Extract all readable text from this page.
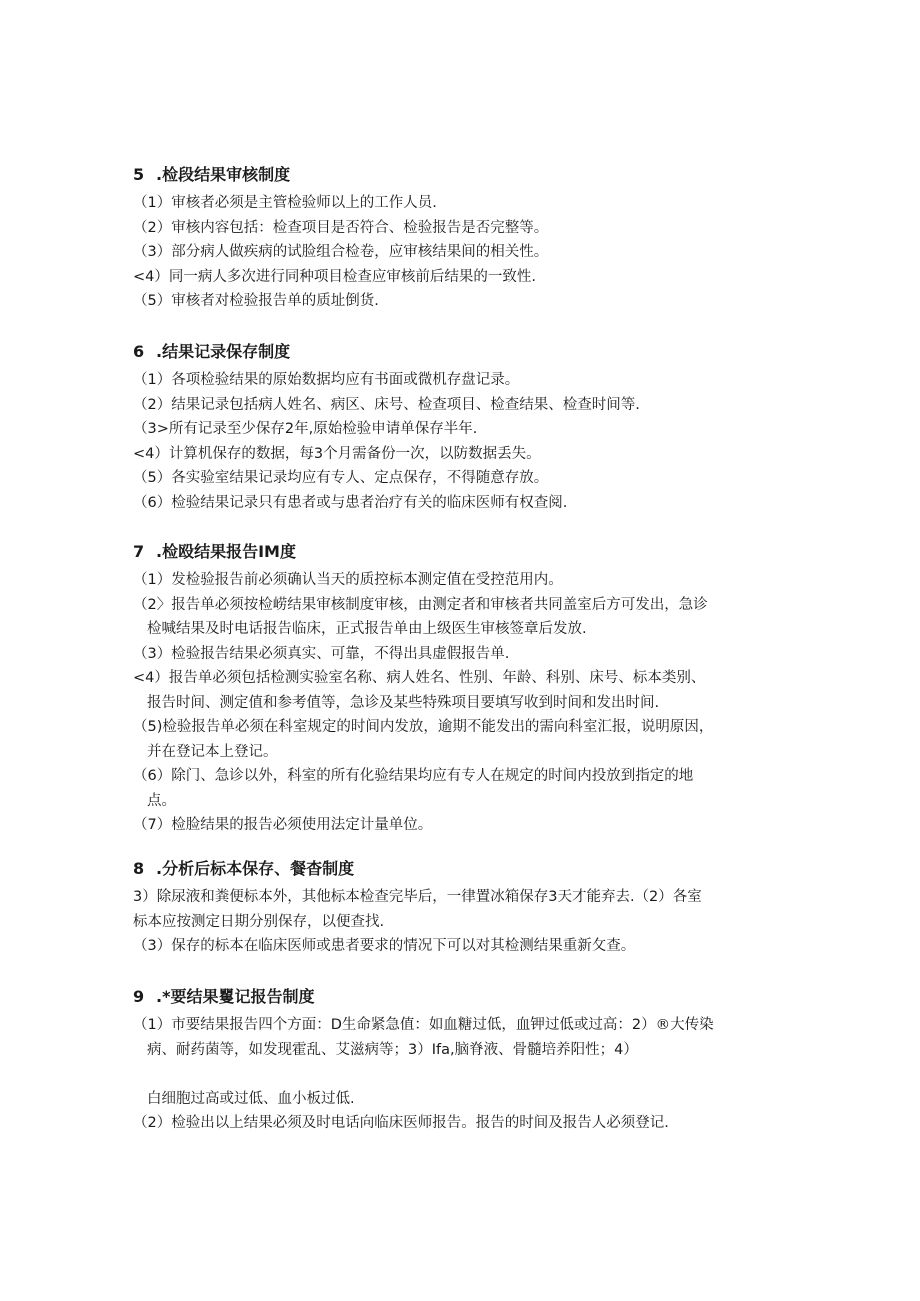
5 .检段结果审核制度
（1）审核者必须是主管检验师以上的工作人员.
（2）审核内容包括：检查项目是否符合、检验报告是否完整等。
（3）部分病人做疾病的试脸组合检卷，应审核结果间的相关性。
<4）同一病人多次进行同种项目检查应审核前后结果的一致性.
（5）审核者对检验报告单的质址倒货.
6 .结果记录保存制度
（1）各项检验结果的原始数据均应有书面或微机存盘记录。
（2）结果记录包括病人姓名、病区、床号、检查项目、检查结果、检查时间等.
（3>所有记录至少保存2年,原始检验申请单保存半年.
<4）计算机保存的数据，每3个月需备份一次，以防数据丢失。
（5）各实验室结果记录均应有专人、定点保存，不得随意存放。
（6）检验结果记录只有患者或与患者治疗有关的临床医师有权查阅.
7 .检殴结果报告IM度
（1）发检验报告前必须确认当天的质控标本测定值在受控范用内。
（2〉报告单必须按检崂结果审核制度审核，由测定者和审核者共同盖室后方可发出，急诊
检喊结果及时电话报告临床，正式报告单由上级医生审核签章后发放.
（3）检验报告结果必须真实、可靠，不得出具虚假报告单.
<4）报告单必须包括检测实验室名称、病人姓名、性别、年龄、科别、床号、标本类别、
报告时间、测定值和参考值等，急诊及某些特殊项目要填写收到时间和发出时间.
（5)检验报告单必须在科室规定的时间内发放，逾期不能发出的需向科室汇报，说明原因，
并在登记本上登记。
（6）除门、急诊以外，科室的所有化验结果均应有专人在规定的时间内投放到指定的地
点。
（7）检脸结果的报告必须使用法定计量单位。
8 .分析后标本保存、餐杳制度
3）除尿液和粪便标本外，其他标本检查完毕后，一律置冰箱保存3天才能弃去.（2）各室
标本应按测定日期分别保存，以便查找.
（3）保存的标本在临床医师或患者要求的情况下可以对其检测结果重新攵查。
9 .*要结果矍记报告制度
（1）市要结果报告四个方面：D生命紧急值：如血糖过低，血钾过低或过高：2）®大传染
病、耐药菌等，如发现霍乱、艾滋病等；3）Ifa,脑脊液、骨髓培养阳性；4）
白细胞过高或过低、血小板过低.
（2）检验出以上结果必须及时电话向临床医师报告。报告的时间及报告人必须登记.
